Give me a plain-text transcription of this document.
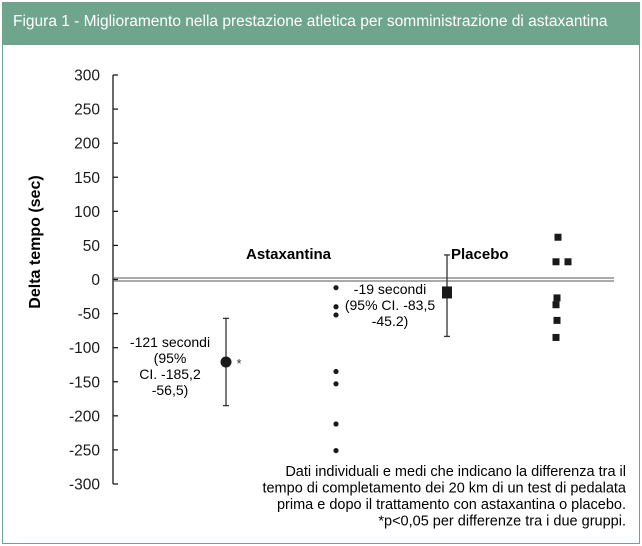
Figura 1 - Miglioramento nella prestazione atletica per somministrazione di astaxantina
300
250
200
150
100
50
0
-50
-100
-150
-200
-250
-300
Delta tempo (sec)
*
Astaxantina
-121 secondi
(95%
CI. -185,2
-56,5)
Placebo
-19 secondi
(95% CI. -83,5
-45.2)
Dati individuali e medi che indicano la differenza tra il
tempo di completamento dei 20 km di un test di pedalata
prima e dopo il trattamento con astaxantina o placebo.
*p<0,05 per differenze tra i due gruppi.
